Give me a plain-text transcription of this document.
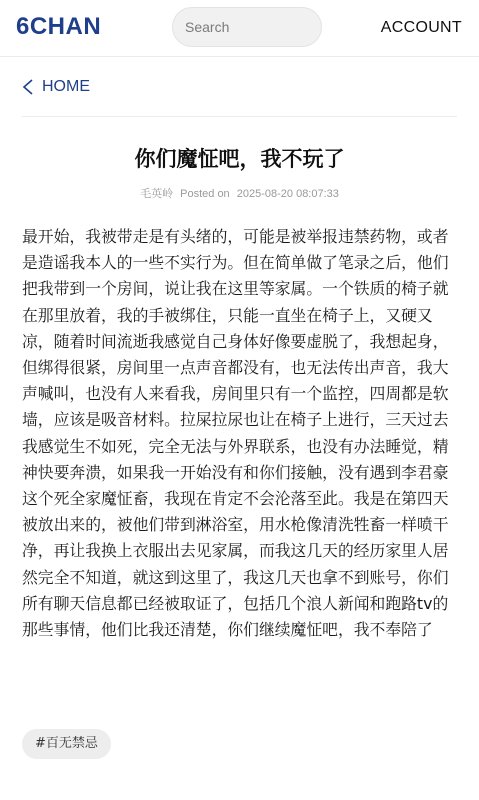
6CHAN
Search	ACCOUNT
HOME
你们魔怔吧，我不玩了
毛英岭 Posted on 2025-08-20 08:07:33

最开始，我被带走是有头绪的，可能是被举报违禁药物，或者是造谣我本人的一些不实行为。但在简单做了笔录之后，他们把我带到一个房间，说让我在这里等家属。一个铁质的椅子就在那里放着，我的手被绑住，只能一直坐在椅子上，又硬又凉，随着时间流逝我感觉自己身体好像要虚脱了，我想起身，但绑得很紧，房间里一点声音都没有，也无法传出声音，我大声喊叫，也没有人来看我，房间里只有一个监控，四周都是软墙，应该是吸音材料。拉屎拉尿也让在椅子上进行，三天过去我感觉生不如死，完全无法与外界联系，也没有办法睡觉，精神快要奔溃，如果我一开始没有和你们接触，没有遇到李君豪这个死全家魔怔畜，我现在肯定不会沦落至此。我是在第四天被放出来的，被他们带到淋浴室，用水枪像清洗牲畜一样喷干净，再让我换上衣服出去见家属，而我这几天的经历家里人居然完全不知道，就这到这里了，我这几天也拿不到账号，你们所有聊天信息都已经被取证了，包括几个浪人新闻和跑路tv的那些事情，他们比我还清楚，你们继续魔怔吧，我不奉陪了

#百无禁忌
